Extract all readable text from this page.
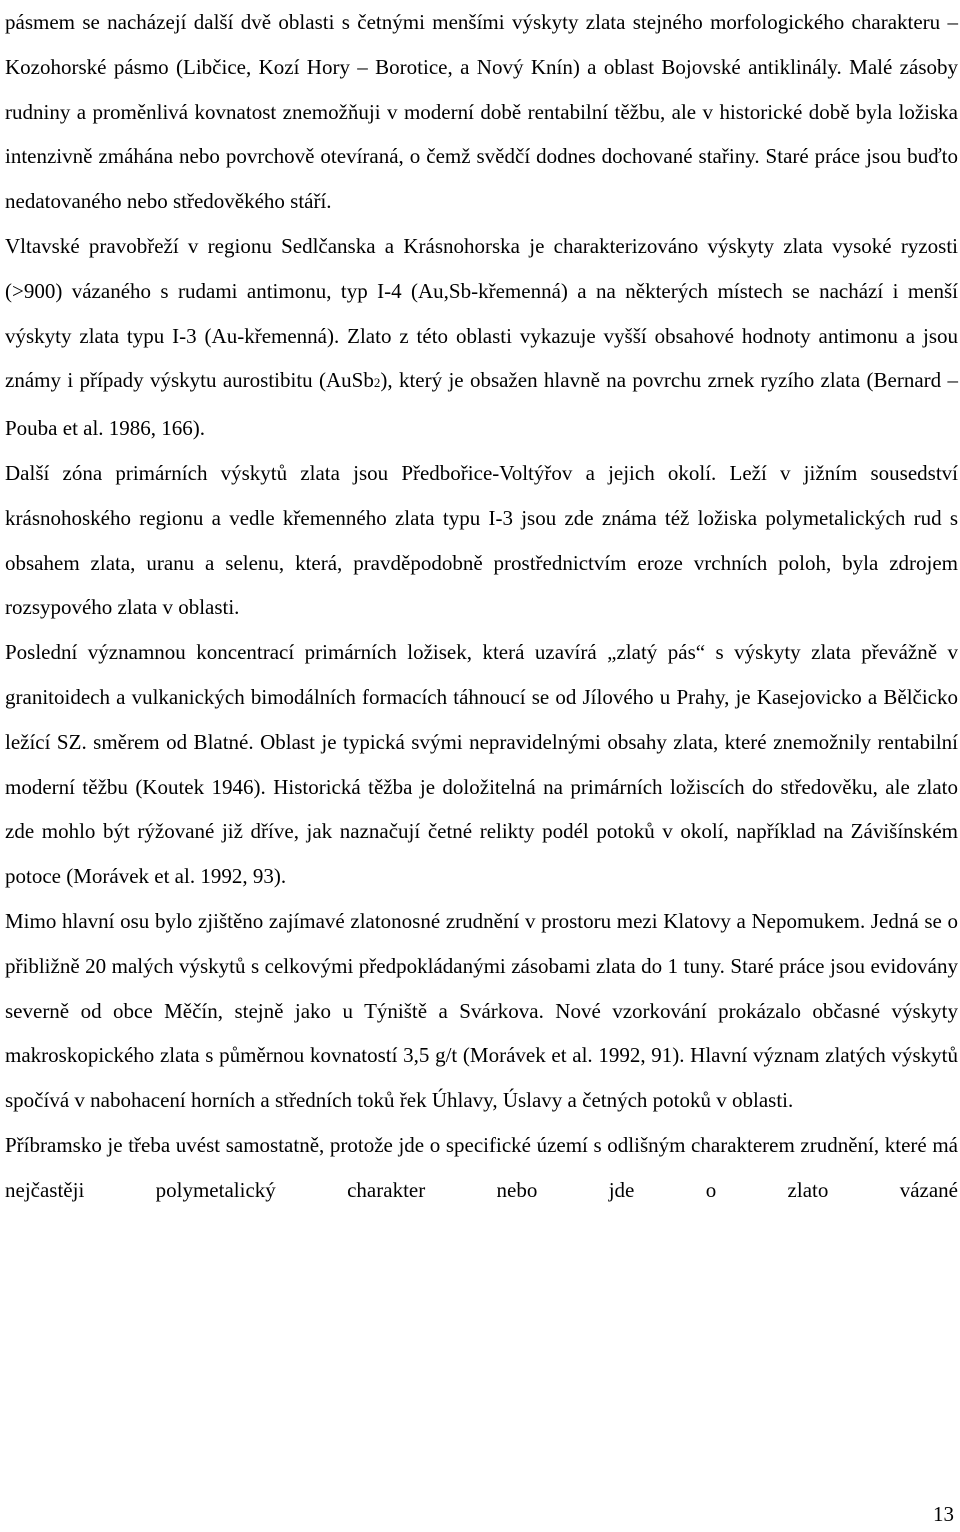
pásmem se nacházejí další dvě oblasti s četnými menšími výskyty zlata stejného morfologického charakteru – Kozohorské pásmo (Libčice, Kozí Hory – Borotice, a Nový Knín) a oblast Bojovské antiklinály. Malé zásoby rudniny a proměnlivá kovnatost znemožňuji v moderní době rentabilní těžbu, ale v historické době byla ložiska intenzivně zmáhána nebo povrchově otevíraná, o čemž svědčí dodnes dochované stařiny. Staré práce jsou buďto nedatovaného nebo středověkého stáří.

Vltavské pravobřeží v regionu Sedlčanska a Krásnohorska je charakterizováno výskyty zlata vysoké ryzosti (>900) vázaného s rudami antimonu, typ I-4 (Au,Sb-křemenná) a na některých místech se nachází i menší výskyty zlata typu I-3 (Au-křemenná). Zlato z této oblasti vykazuje vyšší obsahové hodnoty antimonu a jsou známy i případy výskytu aurostibitu (AuSb2), který je obsažen hlavně na povrchu zrnek ryzího zlata (Bernard – Pouba et al. 1986, 166).

Další zóna primárních výskytů zlata jsou Předbořice-Voltýřov a jejich okolí. Leží v jižním sousedství krásnohoského regionu a vedle křemenného zlata typu I-3 jsou zde známa též ložiska polymetalických rud s obsahem zlata, uranu a selenu, která, pravděpodobně prostřednictvím eroze vrchních poloh, byla zdrojem rozsypového zlata v oblasti.

Poslední významnou koncentrací primárních ložisek, která uzavírá „zlatý pás“ s výskyty zlata převážně v granitoidech a vulkanických bimodálních formacích táhnoucí se od Jílového u Prahy, je Kasejovicko a Bělčicko ležící SZ. směrem od Blatné. Oblast je typická svými nepravidelnými obsahy zlata, které znemožnily rentabilní moderní těžbu (Koutek 1946). Historická těžba je doložitelná na primárních ložiscích do středověku, ale zlato zde mohlo být rýžované již dříve, jak naznačují četné relikty podél potoků v okolí, například na Závišínském potoce (Morávek et al. 1992, 93).

Mimo hlavní osu bylo zjištěno zajímavé zlatonosné zrudnění v prostoru mezi Klatovy a Nepomukem. Jedná se o přibližně 20 malých výskytů s celkovými předpokládanými zásobami zlata do 1 tuny. Staré práce jsou evidovány severně od obce Měčín, stejně jako u Týniště a Svárkova. Nové vzorkování prokázalo občasné výskyty makroskopického zlata s půměrnou kovnatostí 3,5 g/t (Morávek et al. 1992, 91). Hlavní význam zlatých výskytů spočívá v nabohacení horních a středních toků řek Úhlavy, Úslavy a četných potoků v oblasti.

Příbramsko je třeba uvést samostatně, protože jde o specifické území s odlišným charakterem zrudnění, které má nejčastěji polymetalický charakter nebo jde o zlato vázané

13
